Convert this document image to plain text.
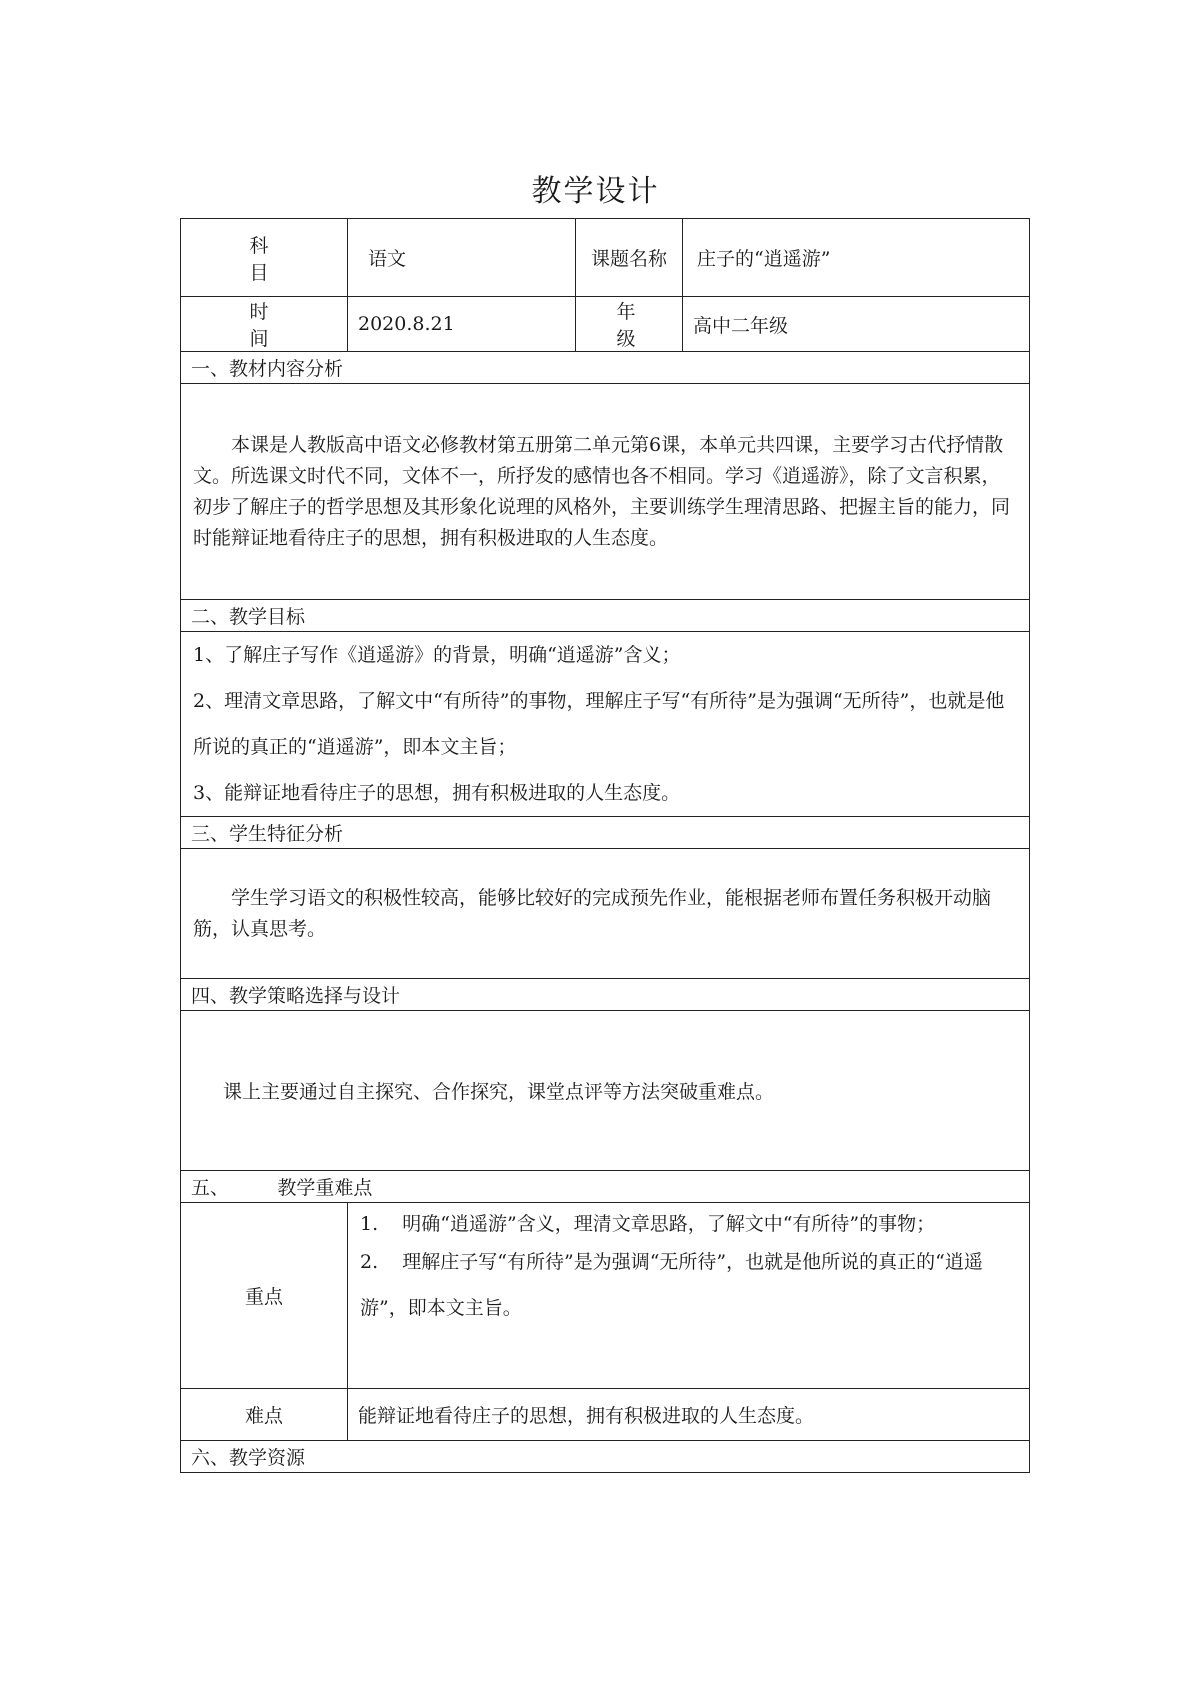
教学设计
科 目	语文	课题名称	庄子的“逍遥游”
时 间	2020.8.21	年 级	高中二年级
一、教材内容分析			
本课是人教版高中语文必修教材第五册第二单元第6课，本单元共四课，主要学习古代抒情散文。所选课文时代不同，文体不一，所抒发的感情也各不相同。学习《逍遥游》，除了文言积累，初步了解庄子的哲学思想及其形象化说理的风格外，主要训练学生理清思路、把握主旨的能力，同时能辩证地看待庄子的思想，拥有积极进取的人生态度。			
二、教学目标			

1、了解庄子写作《逍遥游》的背景，明确“逍遥游”含义；
2、理清文章思路，了解文中“有所待”的事物，理解庄子写“有所待”是为强调“无所待”，也就是他所说的真正的“逍遥游”，即本文主旨；
3、能辩证地看待庄子的思想，拥有积极进取的人生态度。			

三、学生特征分析			
学生学习语文的积极性较高，能够比较好的完成预先作业，能根据老师布置任务积极开动脑筋，认真思考。			
四、教学策略选择与设计			
课上主要通过自主探究、合作探究，课堂点评等方法突破重难点。			
五、        教学重难点			
重点	1.    明确“逍遥游”含义，理清文章思路，了解文中“有所待”的事物；
2.    理解庄子写“有所待”是为强调“无所待”，也就是他所说的真正的“逍遥游”，即本文主旨。		

难点	能辩证地看待庄子的思想，拥有积极进取的人生态度。		
六、教学资源			
